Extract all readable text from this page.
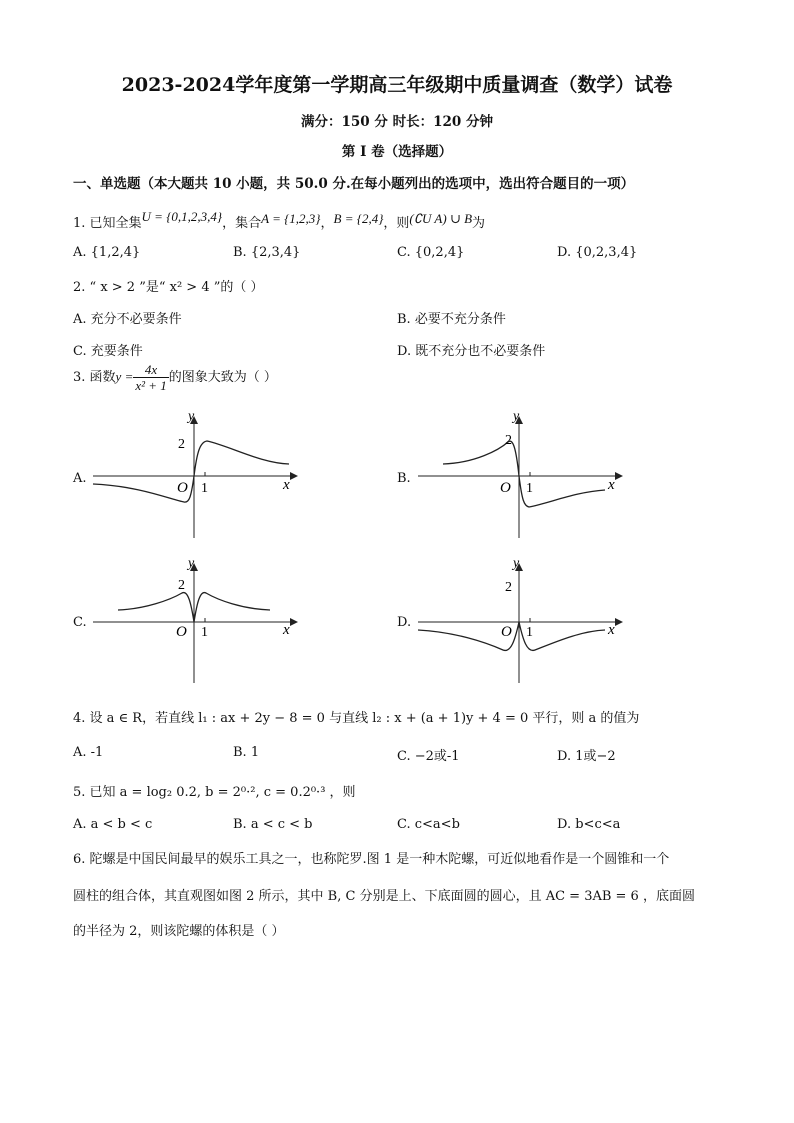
2023-2024学年度第一学期高三年级期中质量调查（数学）试卷
满分：150 分 时长：120 分钟
第 I 卷（选择题）
一、单选题（本大题共 10 小题，共 50.0 分.在每小题列出的选项中，选出符合题目的一项）
1. 已知全集U = {0,1,2,3,4}，集合A = {1,2,3}，B = {2,4}，则(∁U A) ∪ B为
A. {1,2,4}	B. {2,3,4}	C. {0,2,4}	D. {0,2,3,4}
2. “ x > 2 ”是“ x² > 4 ”的（ ）
A. 充分不必要条件	B. 必要不充分条件
C. 充要条件	D. 既不充分也不必要条件
3. 函数$y = \frac{4x}{\text{x² + 1}}$ 的图象大致为（ ）
A.	B.
C.	D.
y
2
O 1	x
y
2
O 1	x
y
2
O 1	x
y
2
O 1	x
4. 设 a ∈ R，若直线 l₁ : ax + 2y − 8 = 0 与直线 l₂ : x + (a + 1)y + 4 = 0 平行，则 a 的值为
A. -1	B. 1	C. −2或-1	D. 1或−2
5. 已知 a = log₂ 0.2, b = 2⁰·², c = 0.2⁰·³ ，则
A. a < b < c	B. a < c < b	C. c<a<b	D. b<c<a
6. 陀螺是中国民间最早的娱乐工具之一，也称陀罗.图 1 是一种木陀螺，可近似地看作是一个圆锥和一个
圆柱的组合体，其直观图如图 2 所示，其中 B, C 分别是上、下底面圆的圆心，且 AC = 3AB = 6 ，底面圆
的半径为 2，则该陀螺的体积是（ ）
